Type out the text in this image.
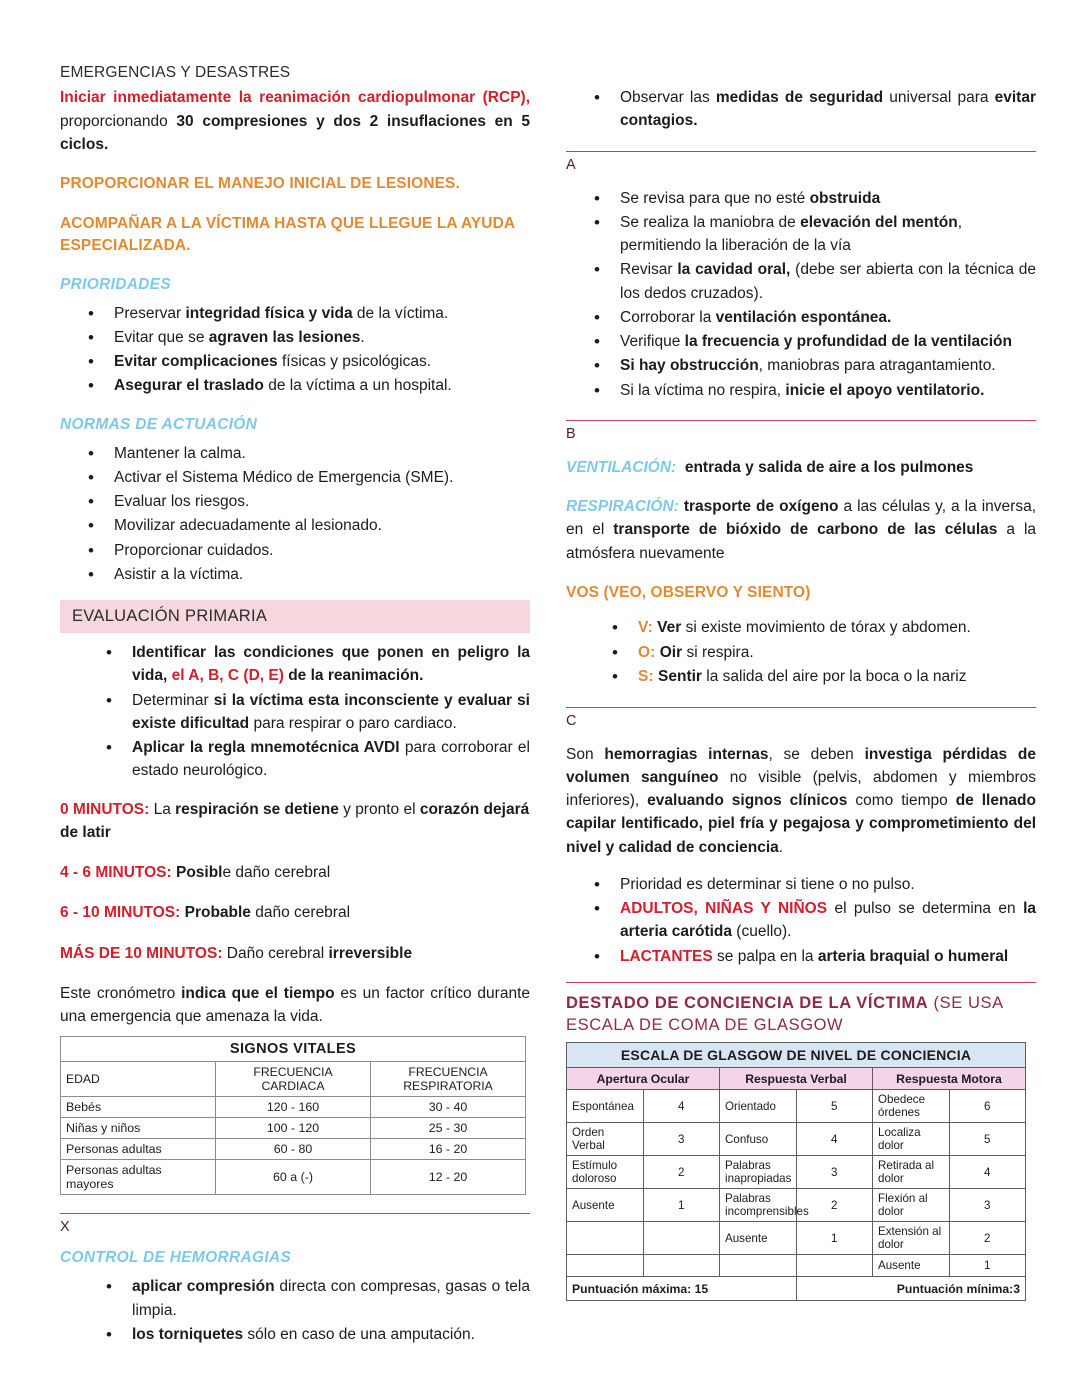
EMERGENCIAS Y DESASTRES

Iniciar inmediatamente la reanimación cardiopulmonar (RCP), proporcionando 30 compresiones y dos 2 insuflaciones en 5 ciclos.

PROPORCIONAR EL MANEJO INICIAL DE LESIONES.

ACOMPAÑAR A LA VÍCTIMA HASTA QUE LLEGUE LA AYUDA ESPECIALIZADA.

PRIORIDADES

• Preservar integridad física y vida de la víctima.
• Evitar que se agraven las lesiones.
• Evitar complicaciones físicas y psicológicas.
• Asegurar el traslado de la víctima a un hospital.

NORMAS DE ACTUACIÓN

• Mantener la calma.
• Activar el Sistema Médico de Emergencia (SME).
• Evaluar los riesgos.
• Movilizar adecuadamente al lesionado.
• Proporcionar cuidados.
• Asistir a la víctima.
EVALUACIÓN PRIMARIA
• Identificar las condiciones que ponen en peligro la vida, el A, B, C (D, E) de la reanimación.
• Determinar si la víctima esta inconsciente y evaluar si existe dificultad para respirar o paro cardiaco.
• Aplicar la regla mnemotécnica AVDI para corroborar el estado neurológico.

0 MINUTOS: La respiración se detiene y pronto el corazón dejará de latir

4 - 6 MINUTOS: Posible daño cerebral

6 - 10 MINUTOS: Probable daño cerebral

MÁS DE 10 MINUTOS: Daño cerebral irreversible

Este cronómetro indica que el tiempo es un factor crítico durante una emergencia que amenaza la vida.

SIGNOS VITALES		
EDAD	FRECUENCIA CARDIACA	FRECUENCIA RESPIRATORIA
Bebés	120 - 160	30 - 40
Niñas y niños	100 - 120	25 - 30
Personas adultas	60 - 80	16 - 20
Personas adultas mayores	60 a (-)	12 - 20
X

CONTROL DE HEMORRAGIAS

• aplicar compresión directa con compresas, gasas o tela limpia.
• los torniquetes sólo en caso de una amputación.
• Observar las medidas de seguridad universal para evitar contagios.
A
• Se revisa para que no esté obstruida
• Se realiza la maniobra de elevación del mentón, permitiendo la liberación de la vía
• Revisar la cavidad oral, (debe ser abierta con la técnica de los dedos cruzados).
• Corroborar la ventilación espontánea.
• Verifique la frecuencia y profundidad de la ventilación
• Si hay obstrucción, maniobras para atragantamiento.
• Si la víctima no respira, inicie el apoyo ventilatorio.
B

VENTILACIÓN: entrada y salida de aire a los pulmones

RESPIRACIÓN: trasporte de oxígeno a las células y, a la inversa, en el transporte de bióxido de carbono de las células a la atmósfera nuevamente

VOS (VEO, OBSERVO Y SIENTO)

• V: Ver si existe movimiento de tórax y abdomen.
• O: Oir si respira.
• S: Sentir la salida del aire por la boca o la nariz
C

Son hemorragias internas, se deben investiga pérdidas de volumen sanguíneo no visible (pelvis, abdomen y miembros inferiores), evaluando signos clínicos como tiempo de llenado capilar lentificado, piel fría y pegajosa y comprometimiento del nivel y calidad de conciencia.

• Prioridad es determinar si tiene o no pulso.
• ADULTOS, NIÑAS Y NIÑOS el pulso se determina en la arteria carótida (cuello).
• LACTANTES se palpa en la arteria braquial o humeral

DESTADO DE CONCIENCIA DE LA VÍCTIMA (SE USA ESCALA DE COMA DE GLASGOW

ESCALA DE GLASGOW DE NIVEL DE CONCIENCIA					
Apertura Ocular		Respuesta Verbal		Respuesta Motora	
Espontánea	4	Orientado	5	Obedece órdenes	6
Orden Verbal	3	Confuso	4	Localiza dolor	5
Estímulo doloroso	2	Palabras inapropiadas	3	Retirada al dolor	4
Ausente	1	Palabras incomprensibles	2	Flexión al dolor	3
		Ausente	1	Extensión al dolor	2
				Ausente	1
Puntuación máxima: 15			Puntuación mínima:3		
